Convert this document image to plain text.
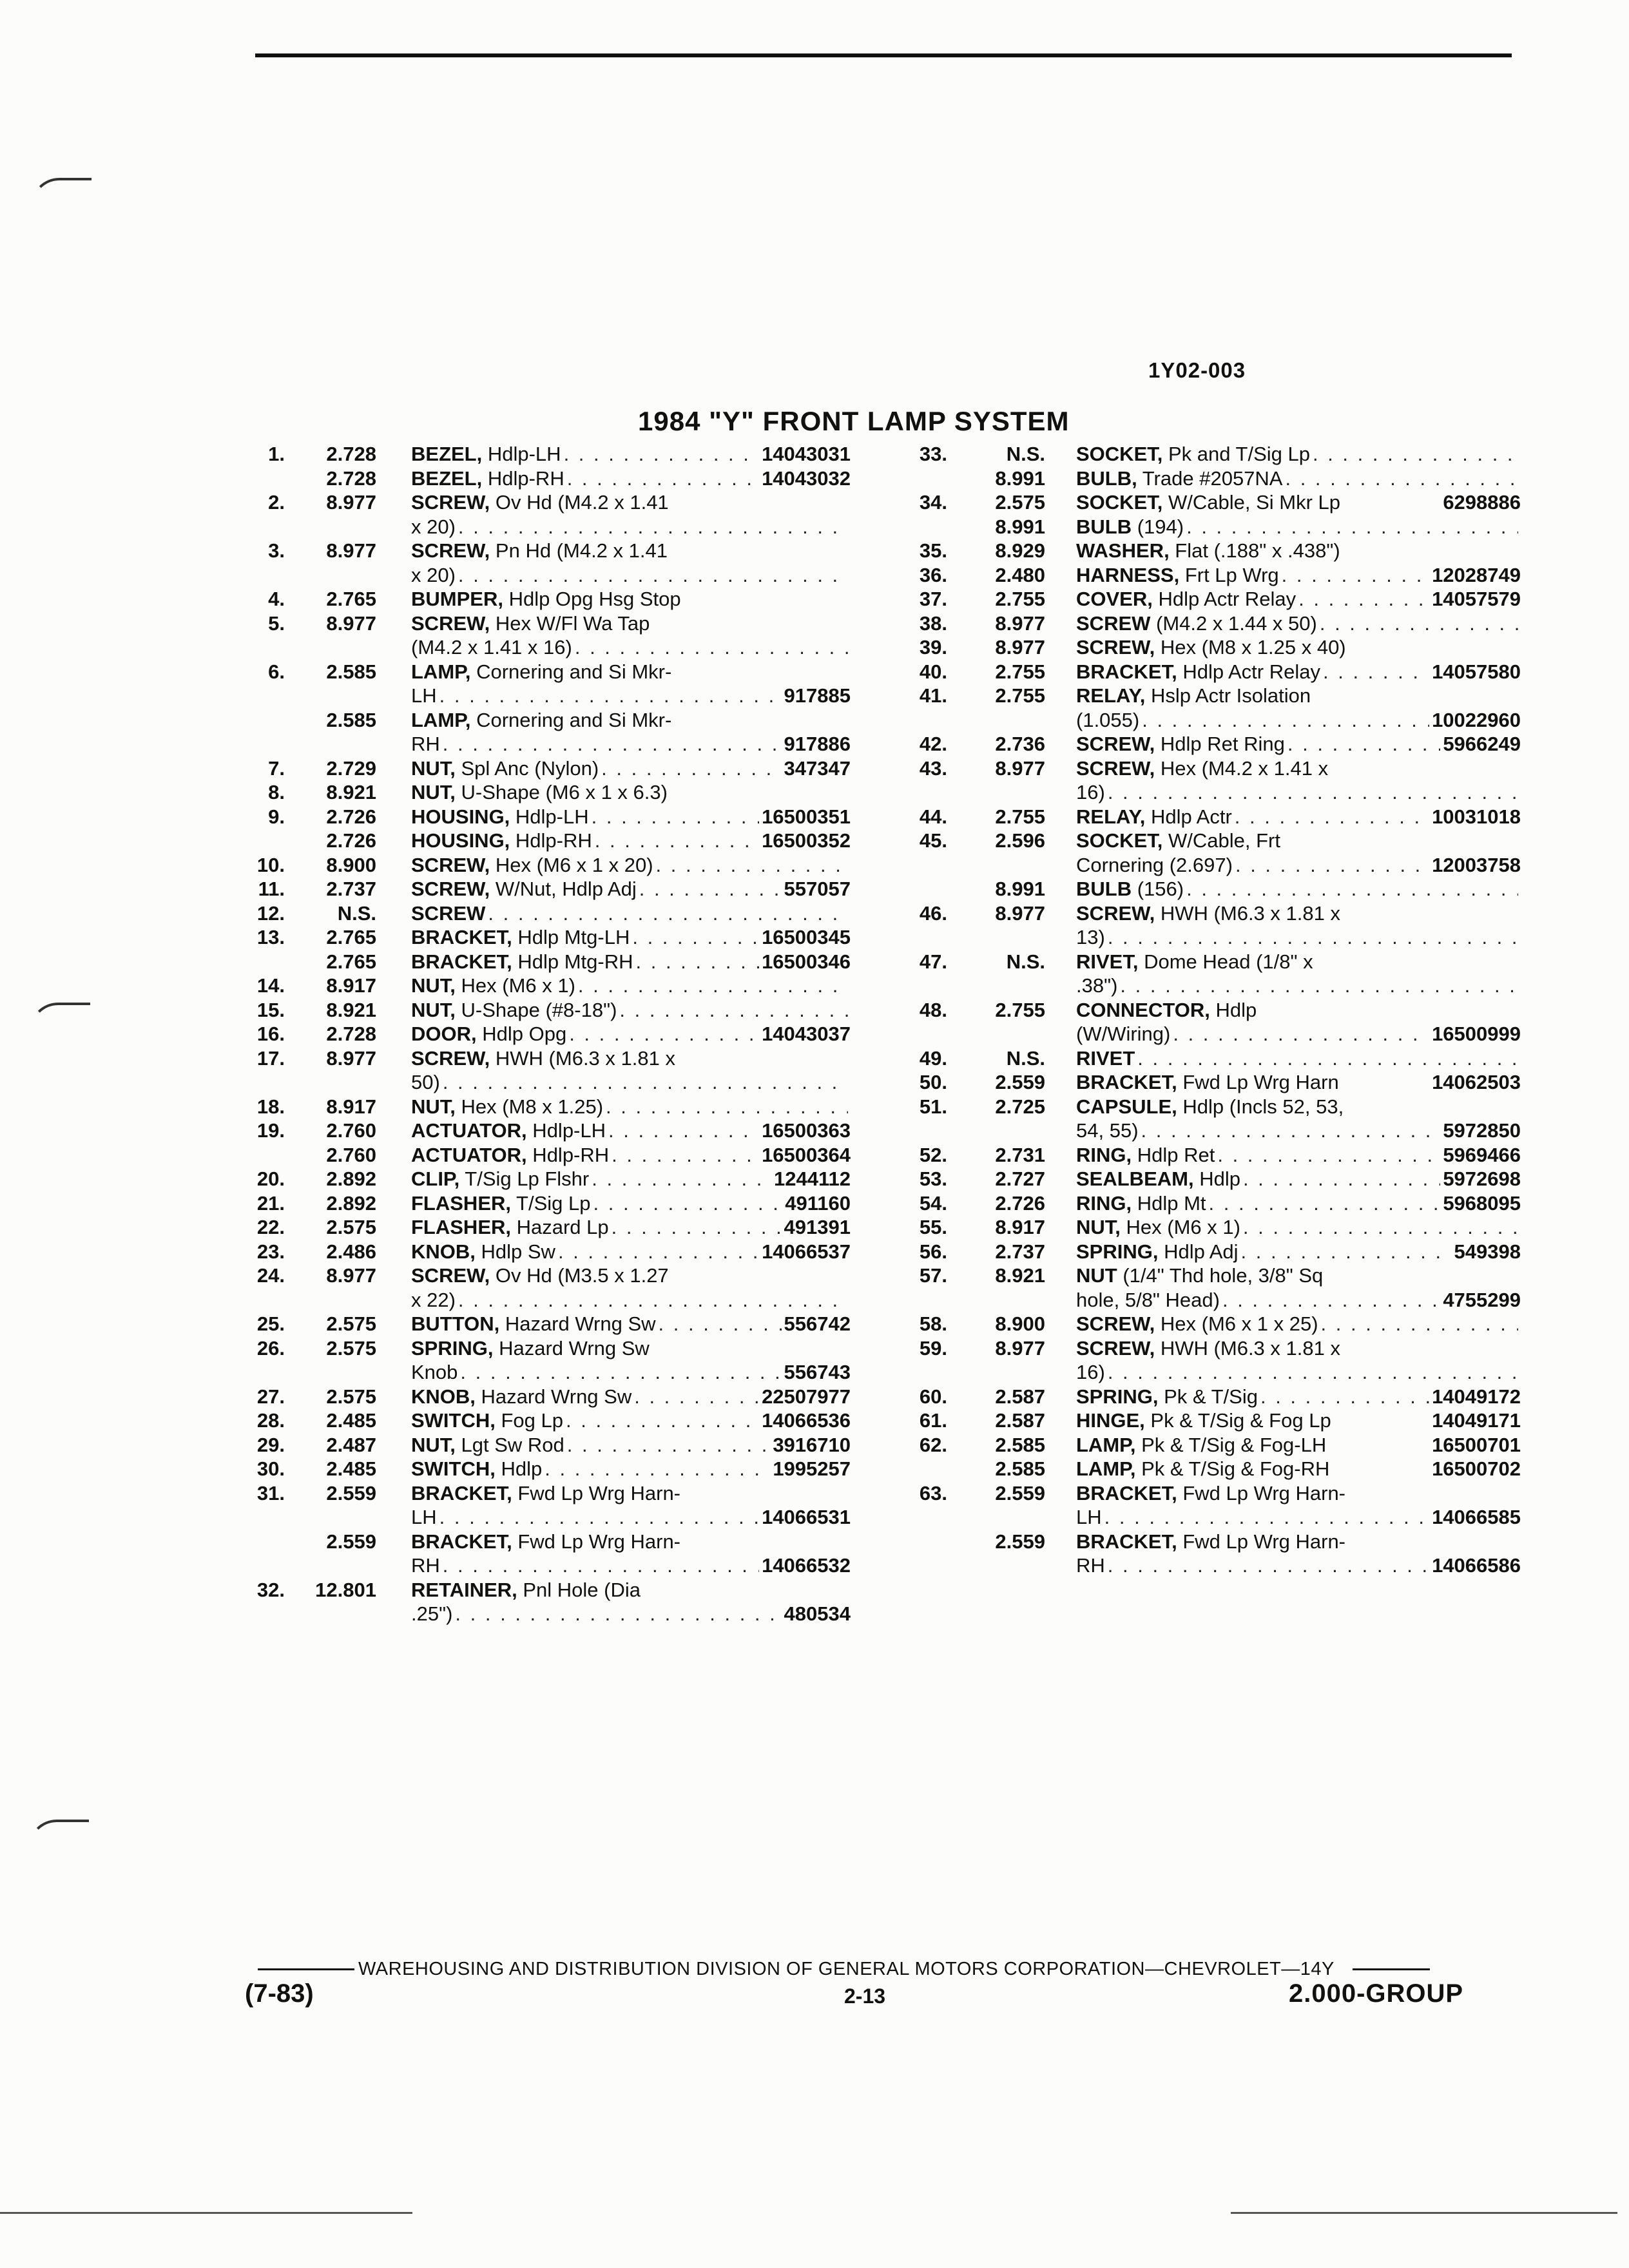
1Y02-003
1984 "Y" FRONT LAMP SYSTEM
1.	2.728 BEZEL, Hdlp-LH . . .	14043031
2.728 BEZEL, Hdlp-RH . . .	14043032
2.	8.977 SCREW, Ov Hd (M4.2 x 1.41
x 20)
. . .
3.	8.977 SCREW, Pn Hd (M4.2 x 1.41
x 20)
. . .
4.	2.765 BUMPER, Hdlp Opg Hsg Stop
5.	8.977 SCREW, Hex W/Fl Wa Tap
(M4.2 x 1.41 x 16)
. . .
6.	2.585 LAMP, Cornering and Si Mkr-
LH . . .	917885
2.585 LAMP, Cornering and Si Mkr-
RH . . .	917886
7.	2.729 NUT, Spl Anc (Nylon) . . .	347347
8.	8.921 NUT, U-Shape (M6 x 1 x 6.3)
9.	2.726 HOUSING, Hdlp-LH . . .	16500351
2.726 HOUSING, Hdlp-RH . . .	16500352
10.	8.900 SCREW, Hex (M6 x 1 x 20)
. . .
11.	2.737 SCREW, W/Nut, Hdlp Adj . . .	557057
12.	N.S. SCREW
. . .
13.	2.765 BRACKET, Hdlp Mtg-LH . . .	16500345
2.765 BRACKET, Hdlp Mtg-RH . . .	16500346
14.	8.917 NUT, Hex (M6 x 1)
. . .
15.	8.921 NUT, U-Shape (#8-18")
. . .
16.	2.728 DOOR, Hdlp Opg . . .	14043037
17.	8.977 SCREW, HWH (M6.3 x 1.81 x
50)
. . .
18.	8.917 NUT, Hex (M8 x 1.25)
. . .
19.	2.760 ACTUATOR, Hdlp-LH . . .	16500363
2.760 ACTUATOR, Hdlp-RH . . .	16500364
20.	2.892 CLIP, T/Sig Lp Flshr . . .	1244112
21.	2.892 FLASHER, T/Sig Lp . . .	491160
22.	2.575 FLASHER, Hazard Lp . . .	491391
23.	2.486 KNOB, Hdlp Sw . . .	14066537
24.	8.977 SCREW, Ov Hd (M3.5 x 1.27
x 22)
. . .
25.	2.575 BUTTON, Hazard Wrng Sw . . .	556742
26.	2.575 SPRING, Hazard Wrng Sw
Knob . . .	556743
27.	2.575 KNOB, Hazard Wrng Sw . . .	22507977
28.	2.485 SWITCH, Fog Lp . . .	14066536
29.	2.487 NUT, Lgt Sw Rod . . .	3916710
30.	2.485 SWITCH, Hdlp . . .	1995257
31.	2.559 BRACKET, Fwd Lp Wrg Harn-
LH . . .	14066531
2.559 BRACKET, Fwd Lp Wrg Harn-
RH . . .	14066532
32.	12.801 RETAINER, Pnl Hole (Dia
.25") . . .	480534
33.	N.S. SOCKET, Pk and T/Sig Lp
. . .
8.991 BULB, Trade #2057NA
. . .
34.	2.575 SOCKET, W/Cable, Si Mkr Lp	6298886
8.991 BULB (194)
. . .
35.	8.929 WASHER, Flat (.188" x .438")
36.	2.480 HARNESS, Frt Lp Wrg . . .	12028749
37.	2.755 COVER, Hdlp Actr Relay . . .	14057579
38.	8.977 SCREW (M4.2 x 1.44 x 50)
. . .
39.	8.977 SCREW, Hex (M8 x 1.25 x 40)
40.	2.755 BRACKET, Hdlp Actr Relay . . .	14057580
41.	2.755 RELAY, Hslp Actr Isolation
(1.055) . . .	10022960
42.	2.736 SCREW, Hdlp Ret Ring . . .	5966249
43.	8.977 SCREW, Hex (M4.2 x 1.41 x
16)
. . .
44.	2.755 RELAY, Hdlp Actr . . .	10031018
45.	2.596 SOCKET, W/Cable, Frt
Cornering (2.697) . . .	12003758
8.991 BULB (156)
. . .
46.	8.977 SCREW, HWH (M6.3 x 1.81 x
13)
. . .
47.	N.S. RIVET, Dome Head (1/8" x
.38")
. . .
48.	2.755 CONNECTOR, Hdlp
(W/Wiring) . . .	16500999
49.	N.S. RIVET
. . .
50.	2.559 BRACKET, Fwd Lp Wrg Harn	14062503
51.	2.725 CAPSULE, Hdlp (Incls 52, 53,
54, 55) . . .	5972850
52.	2.731 RING, Hdlp Ret . . .	5969466
53.	2.727 SEALBEAM, Hdlp . . .	5972698
54.	2.726 RING, Hdlp Mt . . .	5968095
55.	8.917 NUT, Hex (M6 x 1)
. . .
56.	2.737 SPRING, Hdlp Adj . . .	549398
57.	8.921 NUT (1/4" Thd hole, 3/8" Sq
hole, 5/8" Head) . . .	4755299
58.	8.900 SCREW, Hex (M6 x 1 x 25)
. . .
59.	8.977 SCREW, HWH (M6.3 x 1.81 x
16)
. . .
60.	2.587 SPRING, Pk & T/Sig . . .	14049172
61.	2.587 HINGE, Pk & T/Sig & Fog Lp	14049171
62.	2.585 LAMP, Pk & T/Sig & Fog-LH	16500701
2.585 LAMP, Pk & T/Sig & Fog-RH	16500702
63.	2.559 BRACKET, Fwd Lp Wrg Harn-
LH . . .	14066585
2.559 BRACKET, Fwd Lp Wrg Harn-
RH . . .	14066586
WAREHOUSING AND DISTRIBUTION DIVISION OF GENERAL MOTORS CORPORATION—CHEVROLET—14Y
(7-83)	2-13	2.000-GROUP
